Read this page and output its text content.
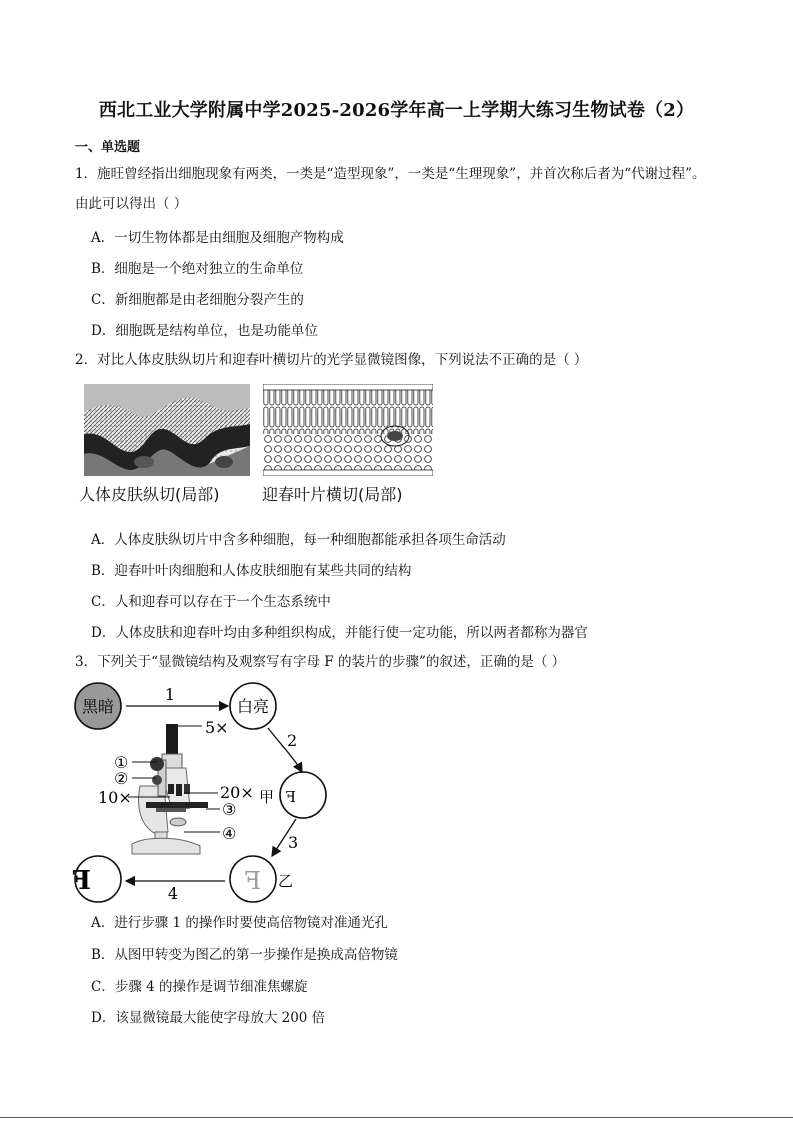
西北工业大学附属中学2025-2026学年高一上学期大练习生物试卷（2）
一、单选题
1．施旺曾经指出细胞现象有两类，一类是“造型现象”，一类是“生理现象”，并首次称后者为“代谢过程”。
由此可以得出（ ）
A．一切生物体都是由细胞及细胞产物构成
B．细胞是一个绝对独立的生命单位
C．新细胞都是由老细胞分裂产生的
D．细胞既是结构单位，也是功能单位
2．对比人体皮肤纵切片和迎春叶横切片的光学显微镜图像，下列说法不正确的是（ ）
人体皮肤纵切(局部)	迎春叶片横切(局部)
A．人体皮肤纵切片中含多种细胞，每一种细胞都能承担各项生命活动
B．迎春叶叶肉细胞和人体皮肤细胞有某些共同的结构
C．人和迎春可以存在于一个生态系统中
D．人体皮肤和迎春叶均由多种组织构成，并能行使一定功能，所以两者都称为器官
3．下列关于“显微镜结构及观察写有字母 F 的装片的步骤”的叙述，正确的是（ ）
黑暗
1
白亮
2
F
甲
3
F 乙
4
F
5×
①
②
20×
10×
③
④
A．进行步骤 1 的操作时要使高倍物镜对准通光孔
B．从图甲转变为图乙的第一步操作是换成高倍物镜
C．步骤 4 的操作是调节细准焦螺旋
D．该显微镜最大能使字母放大 200 倍
